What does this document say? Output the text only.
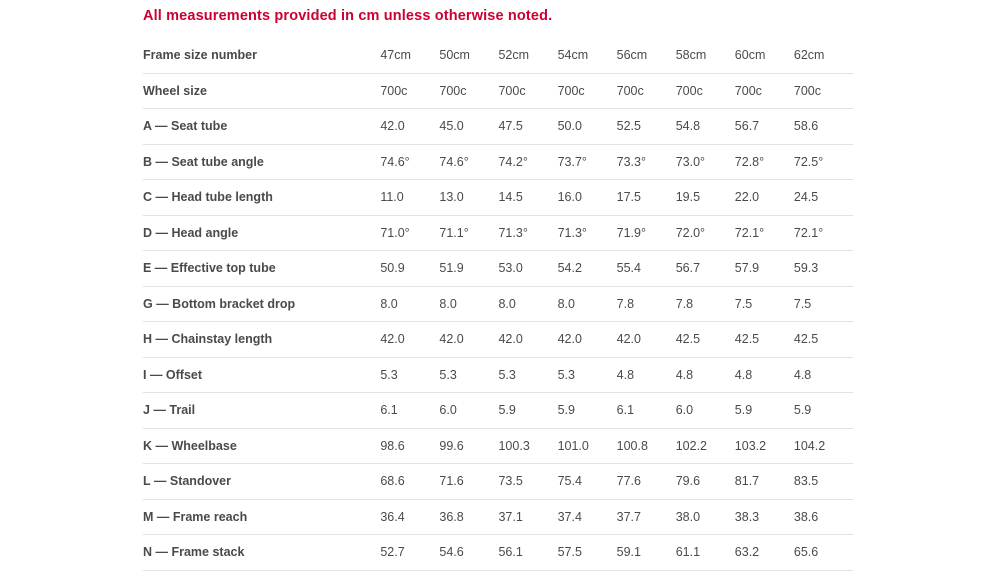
All measurements provided in cm unless otherwise noted.
Frame size number	47cm	50cm	52cm	54cm	56cm	58cm	60cm	62cm
Wheel size	700c	700c	700c	700c	700c	700c	700c	700c
A — Seat tube	42.0	45.0	47.5	50.0	52.5	54.8	56.7	58.6
B — Seat tube angle	74.6°	74.6°	74.2°	73.7°	73.3°	73.0°	72.8°	72.5°
C — Head tube length	11.0	13.0	14.5	16.0	17.5	19.5	22.0	24.5
D — Head angle	71.0°	71.1°	71.3°	71.3°	71.9°	72.0°	72.1°	72.1°
E — Effective top tube	50.9	51.9	53.0	54.2	55.4	56.7	57.9	59.3
G — Bottom bracket drop	8.0	8.0	8.0	8.0	7.8	7.8	7.5	7.5
H — Chainstay length	42.0	42.0	42.0	42.0	42.0	42.5	42.5	42.5
I — Offset	5.3	5.3	5.3	5.3	4.8	4.8	4.8	4.8
J — Trail	6.1	6.0	5.9	5.9	6.1	6.0	5.9	5.9
K — Wheelbase	98.6	99.6	100.3	101.0	100.8	102.2	103.2	104.2
L — Standover	68.6	71.6	73.5	75.4	77.6	79.6	81.7	83.5
M — Frame reach	36.4	36.8	37.1	37.4	37.7	38.0	38.3	38.6
N — Frame stack	52.7	54.6	56.1	57.5	59.1	61.1	63.2	65.6
